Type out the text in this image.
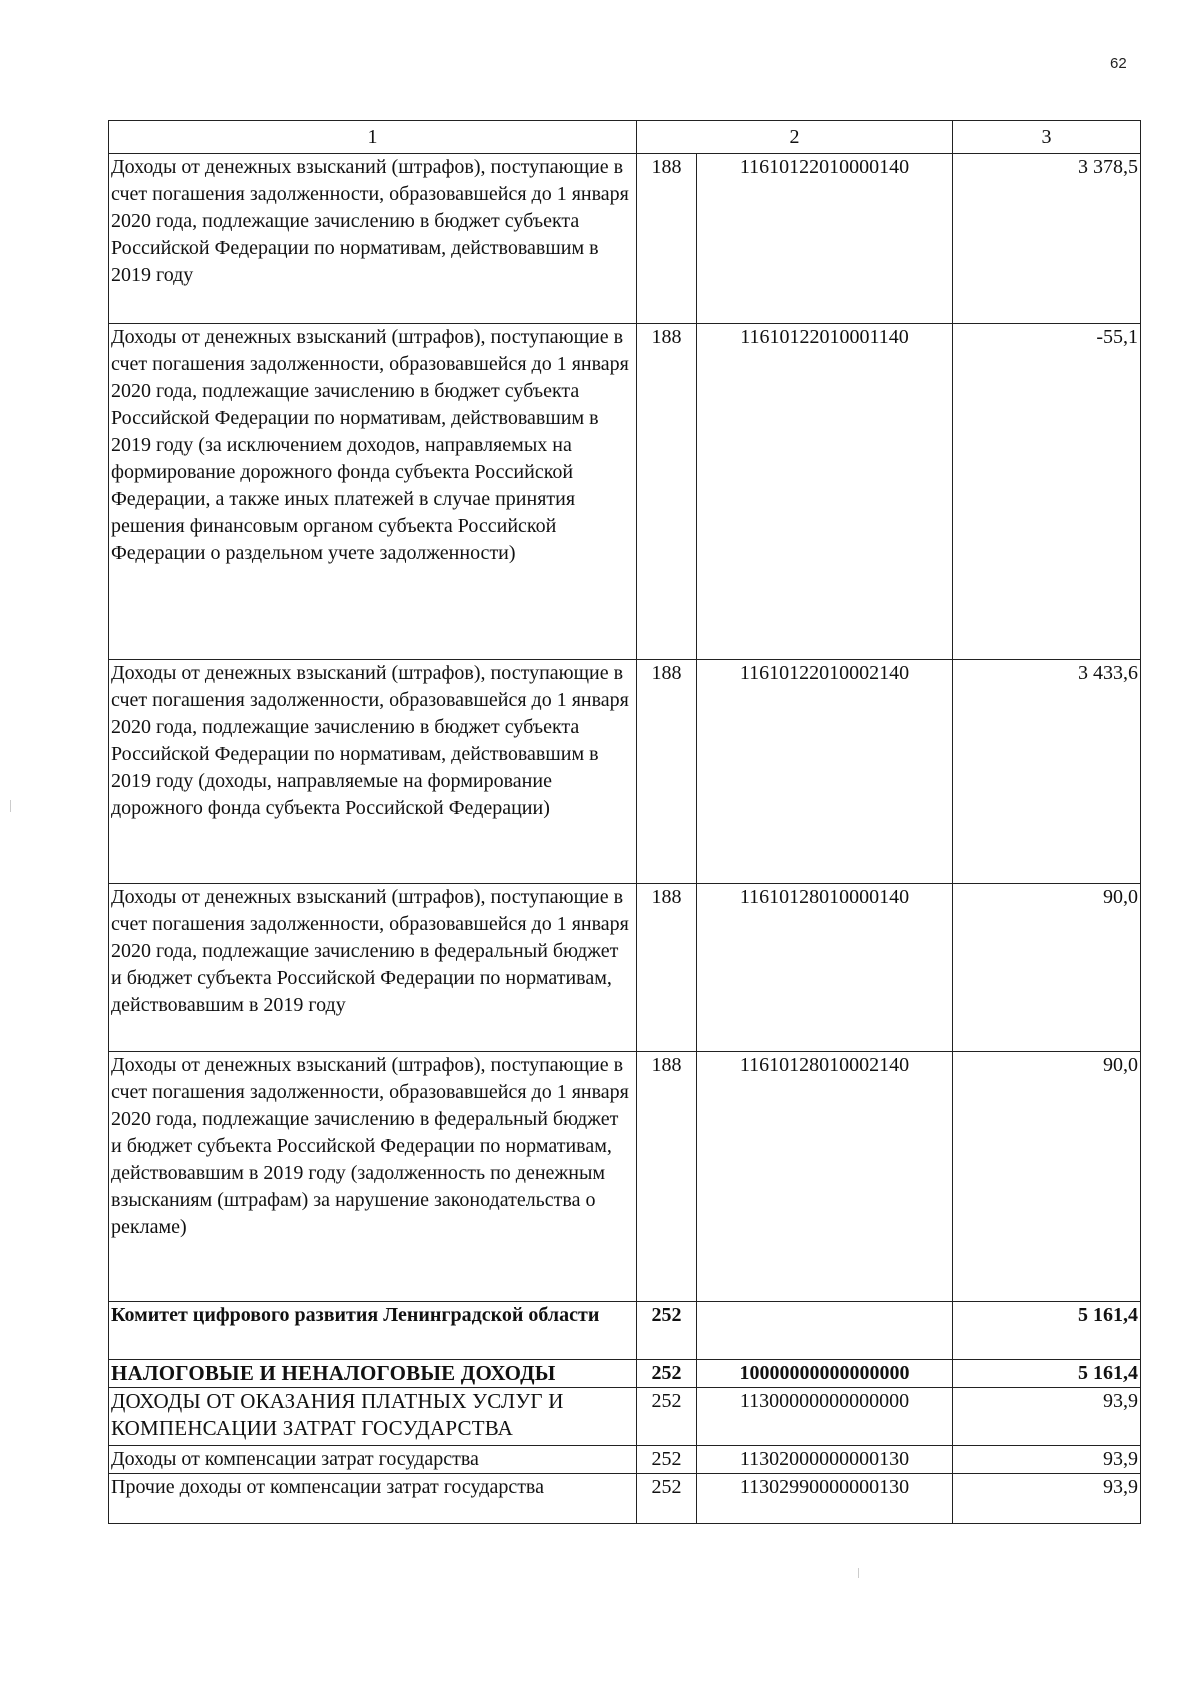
62
1	2		3
Доходы от денежных взысканий (штрафов), поступающие в счет погашения задолженности, образовавшейся до 1 января 2020 года, подлежащие зачислению в бюджет субъекта Российской Федерации по нормативам, действовавшим в 2019 году	188	11610122010000140	3 378,5
Доходы от денежных взысканий (штрафов), поступающие в счет погашения задолженности, образовавшейся до 1 января 2020 года, подлежащие зачислению в бюджет субъекта Российской Федерации по нормативам, действовавшим в 2019 году (за исключением доходов, направляемых на формирование дорожного фонда субъекта Российской Федерации, а также иных платежей в случае принятия решения финансовым органом субъекта Российской Федерации о раздельном учете задолженности)	188	11610122010001140	-55,1
Доходы от денежных взысканий (штрафов), поступающие в счет погашения задолженности, образовавшейся до 1 января 2020 года, подлежащие зачислению в бюджет субъекта Российской Федерации по нормативам, действовавшим в 2019 году (доходы, направляемые на формирование дорожного фонда субъекта Российской Федерации)	188	11610122010002140	3 433,6
Доходы от денежных взысканий (штрафов), поступающие в счет погашения задолженности, образовавшейся до 1 января 2020 года, подлежащие зачислению в федеральный бюджет и бюджет субъекта Российской Федерации по нормативам, действовавшим в 2019 году	188	11610128010000140	90,0
Доходы от денежных взысканий (штрафов), поступающие в счет погашения задолженности, образовавшейся до 1 января 2020 года, подлежащие зачислению в федеральный бюджет и бюджет субъекта Российской Федерации по нормативам, действовавшим в 2019 году (задолженность по денежным взысканиям (штрафам) за нарушение законодательства о рекламе)	188	11610128010002140	90,0
Комитет цифрового развития Ленинградской области	252		5 161,4
НАЛОГОВЫЕ И НЕНАЛОГОВЫЕ ДОХОДЫ	252	10000000000000000	5 161,4
ДОХОДЫ ОТ ОКАЗАНИЯ ПЛАТНЫХ УСЛУГ И КОМПЕНСАЦИИ ЗАТРАТ ГОСУДАРСТВА	252	11300000000000000	93,9
Доходы от компенсации затрат государства	252	11302000000000130	93,9
Прочие доходы от компенсации затрат государства	252	11302990000000130	93,9
